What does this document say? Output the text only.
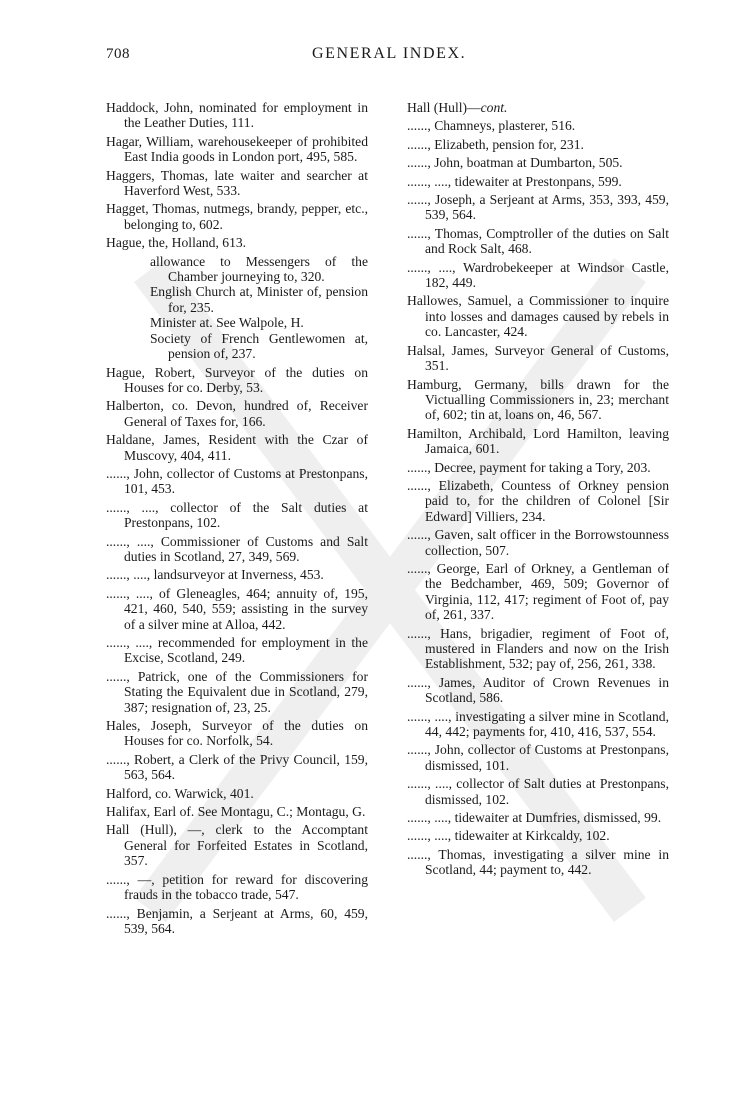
708	GENERAL INDEX.

Haddock, John, nominated for employment in the Leather Duties, 111.

Hagar, William, warehousekeeper of prohibited East India goods in London port, 495, 585.

Haggers, Thomas, late waiter and searcher at Haverford West, 533.

Hagget, Thomas, nutmegs, brandy, pepper, etc., belonging to, 602.

Hague, the, Holland, 613.

allowance to Messengers of the Chamber journeying to, 320.

English Church at, Minister of, pension for, 235.

Minister at. See Walpole, H.

Society of French Gentlewomen at, pension of, 237.

Hague, Robert, Surveyor of the duties on Houses for co. Derby, 53.

Halberton, co. Devon, hundred of, Receiver General of Taxes for, 166.

Haldane, James, Resident with the Czar of Muscovy, 404, 411.

......, John, collector of Customs at Prestonpans, 101, 453.

......, ...., collector of the Salt duties at Prestonpans, 102.

......, ...., Commissioner of Customs and Salt duties in Scotland, 27, 349, 569.

......, ...., landsurveyor at Inverness, 453.

......, ...., of Gleneagles, 464; annuity of, 195, 421, 460, 540, 559; assisting in the survey of a silver mine at Alloa, 442.

......, ...., recommended for employment in the Excise, Scotland, 249.

......, Patrick, one of the Commissioners for Stating the Equivalent due in Scotland, 279, 387; resignation of, 23, 25.

Hales, Joseph, Surveyor of the duties on Houses for co. Norfolk, 54.

......, Robert, a Clerk of the Privy Council, 159, 563, 564.

Halford, co. Warwick, 401.

Halifax, Earl of. See Montagu, C.; Montagu, G.

Hall (Hull), —, clerk to the Accomptant General for Forfeited Estates in Scotland, 357.

......, —, petition for reward for discovering frauds in the tobacco trade, 547.

......, Benjamin, a Serjeant at Arms, 60, 459, 539, 564.

Hall (Hull)—cont.

......, Chamneys, plasterer, 516.

......, Elizabeth, pension for, 231.

......, John, boatman at Dumbarton, 505.

......, ...., tidewaiter at Prestonpans, 599.

......, Joseph, a Serjeant at Arms, 353, 393, 459, 539, 564.

......, Thomas, Comptroller of the duties on Salt and Rock Salt, 468.

......, ...., Wardrobekeeper at Windsor Castle, 182, 449.

Hallowes, Samuel, a Commissioner to inquire into losses and damages caused by rebels in co. Lancaster, 424.

Halsal, James, Surveyor General of Customs, 351.

Hamburg, Germany, bills drawn for the Victualling Commissioners in, 23; merchant of, 602; tin at, loans on, 46, 567.

Hamilton, Archibald, Lord Hamilton, leaving Jamaica, 601.

......, Decree, payment for taking a Tory, 203.

......, Elizabeth, Countess of Orkney pension paid to, for the children of Colonel [Sir Edward] Villiers, 234.

......, Gaven, salt officer in the Borrowstounness collection, 507.

......, George, Earl of Orkney, a Gentleman of the Bedchamber, 469, 509; Governor of Virginia, 112, 417; regiment of Foot of, pay of, 261, 337.

......, Hans, brigadier, regiment of Foot of, mustered in Flanders and now on the Irish Establishment, 532; pay of, 256, 261, 338.

......, James, Auditor of Crown Revenues in Scotland, 586.

......, ...., investigating a silver mine in Scotland, 44, 442; payments for, 410, 416, 537, 554.

......, John, collector of Customs at Prestonpans, dismissed, 101.

......, ...., collector of Salt duties at Prestonpans, dismissed, 102.

......, ...., tidewaiter at Dumfries, dismissed, 99.

......, ...., tidewaiter at Kirkcaldy, 102.

......, Thomas, investigating a silver mine in Scotland, 44; payment to, 442.
